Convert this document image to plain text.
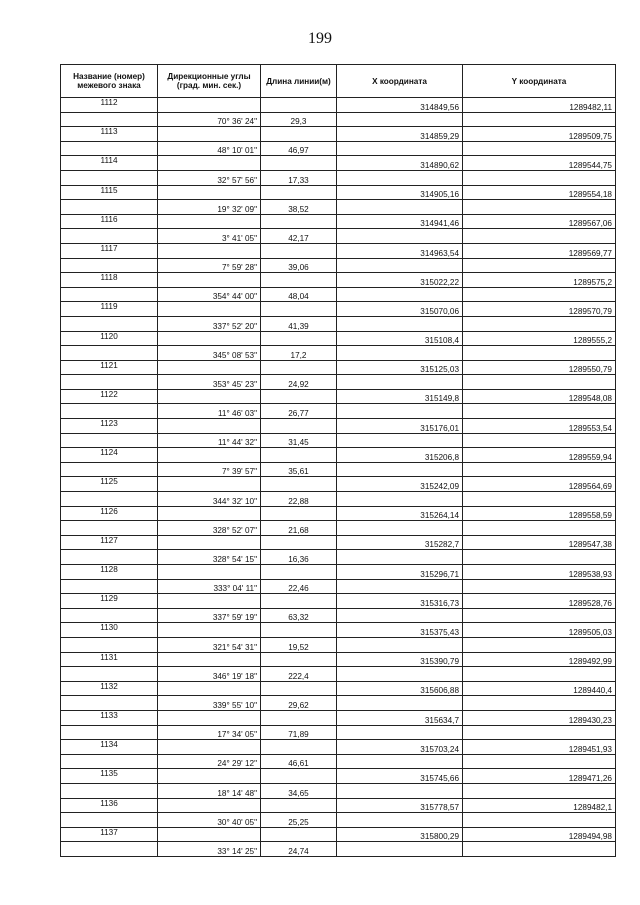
199
Название (номер) межевого знака	Дирекционные углы (град. мин. сек.)	Длина линии(м)	X координата	Y координата
1112			314849,56	1289482,11
	70° 36' 24"	29,3		
1113			314859,29	1289509,75
	48° 10' 01"	46,97		
1114			314890,62	1289544,75
	32° 57' 56"	17,33		
1115			314905,16	1289554,18
	19° 32' 09"	38,52		
1116			314941,46	1289567,06
	3° 41' 05"	42,17		
1117			314963,54	1289569,77
	7° 59' 28"	39,06		
1118			315022,22	1289575,2
	354° 44' 00"	48,04		
1119			315070,06	1289570,79
	337° 52' 20"	41,39		
1120			315108,4	1289555,2
	345° 08' 53"	17,2		
1121			315125,03	1289550,79
	353° 45' 23"	24,92		
1122			315149,8	1289548,08
	11° 46' 03"	26,77		
1123			315176,01	1289553,54
	11° 44' 32"	31,45		
1124			315206,8	1289559,94
	7° 39' 57"	35,61		
1125			315242,09	1289564,69
	344° 32' 10"	22,88		
1126			315264,14	1289558,59
	328° 52' 07"	21,68		
1127			315282,7	1289547,38
	328° 54' 15"	16,36		
1128			315296,71	1289538,93
	333° 04' 11"	22,46		
1129			315316,73	1289528,76
	337° 59' 19"	63,32		
1130			315375,43	1289505,03
	321° 54' 31"	19,52		
1131			315390,79	1289492,99
	346° 19' 18"	222,4		
1132			315606,88	1289440,4
	339° 55' 10"	29,62		
1133			315634,7	1289430,23
	17° 34' 05"	71,89		
1134			315703,24	1289451,93
	24° 29' 12"	46,61		
1135			315745,66	1289471,26
	18° 14' 48"	34,65		
1136			315778,57	1289482,1
	30° 40' 05"	25,25		
1137			315800,29	1289494,98
	33° 14' 25"	24,74		
